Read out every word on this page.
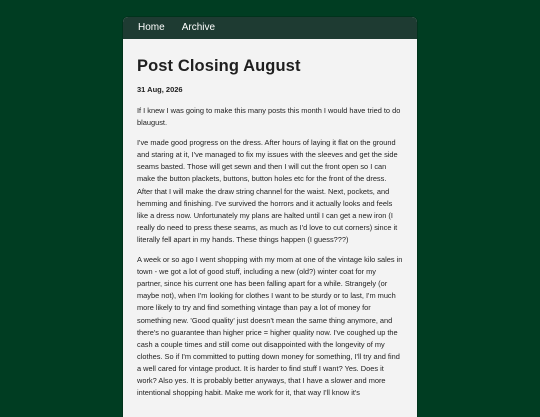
Home Archive
Post Closing August

31 Aug, 2026

If I knew I was going to make this many posts this month I would have tried to do blaugust.

I've made good progress on the dress. After hours of laying it flat on the ground and staring at it, I've managed to fix my issues with the sleeves and get the side seams basted. Those will get sewn and then I will cut the front open so I can make the button plackets, buttons, button holes etc for the front of the dress. After that I will make the draw string channel for the waist. Next, pockets, and hemming and finishing. I've survived the horrors and it actually looks and feels like a dress now. Unfortunately my plans are halted until I can get a new iron (I really do need to press these seams, as much as I'd love to cut corners) since it literally fell apart in my hands. These things happen (I guess???)

A week or so ago I went shopping with my mom at one of the vintage kilo sales in town - we got a lot of good stuff, including a new (old?) winter coat for my partner, since his current one has been falling apart for a while. Strangely (or maybe not), when I'm looking for clothes I want to be sturdy or to last, I'm much more likely to try and find something vintage than pay a lot of money for something new. 'Good quality' just doesn't mean the same thing anymore, and there's no guarantee than higher price = higher quality now. I've coughed up the cash a couple times and still come out disappointed with the longevity of my clothes. So if I'm committed to putting down money for something, I'll try and find a well cared for vintage product. It is harder to find stuff I want? Yes. Does it work? Also yes. It is probably better anyways, that I have a slower and more intentional shopping habit. Make me work for it, that way I'll know it's
